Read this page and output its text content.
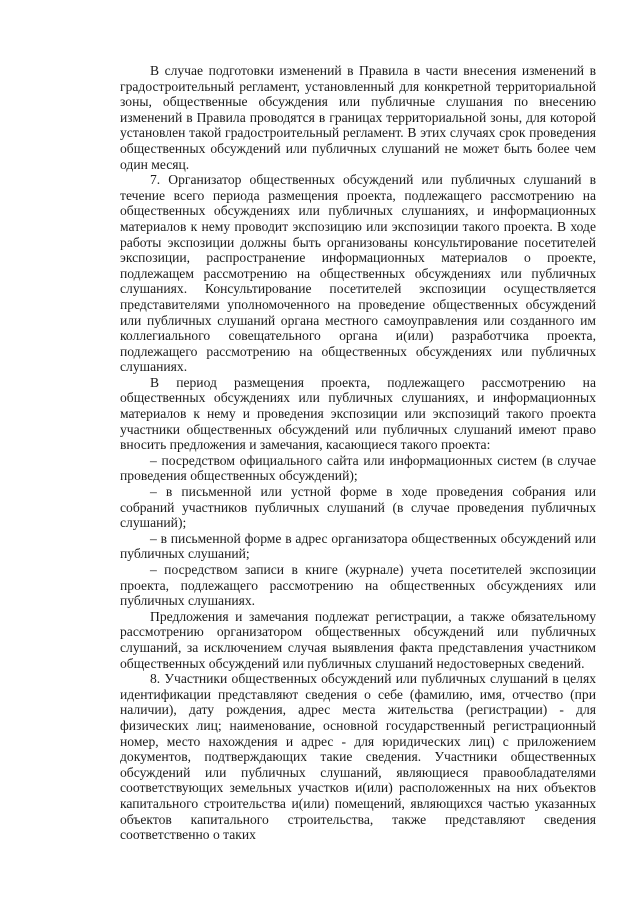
В случае подготовки изменений в Правила в части внесения изменений в градостроительный регламент, установленный для конкретной территориальной зоны, общественные обсуждения или публичные слушания по внесению изменений в Правила проводятся в границах территориальной зоны, для которой установлен такой градостроительный регламент. В этих случаях срок проведения общественных обсуждений или публичных слушаний не может быть более чем один месяц.

7. Организатор общественных обсуждений или публичных слушаний в течение всего периода размещения проекта, подлежащего рассмотрению на общественных обсуждениях или публичных слушаниях, и информационных материалов к нему проводит экспозицию или экспозиции такого проекта. В ходе работы экспозиции должны быть организованы консультирование посетителей экспозиции, распространение информационных материалов о проекте, подлежащем рассмотрению на общественных обсуждениях или публичных слушаниях. Консультирование посетителей экспозиции осуществляется представителями уполномоченного на проведение общественных обсуждений или публичных слушаний органа местного самоуправления или созданного им коллегиального совещательного органа и(или) разработчика проекта, подлежащего рассмотрению на общественных обсуждениях или публичных слушаниях.

В период размещения проекта, подлежащего рассмотрению на общественных обсуждениях или публичных слушаниях, и информационных материалов к нему и проведения экспозиции или экспозиций такого проекта участники общественных обсуждений или публичных слушаний имеют право вносить предложения и замечания, касающиеся такого проекта:

– посредством официального сайта или информационных систем (в случае проведения общественных обсуждений);

– в письменной или устной форме в ходе проведения собрания или собраний участников публичных слушаний (в случае проведения публичных слушаний);

– в письменной форме в адрес организатора общественных обсуждений или публичных слушаний;

– посредством записи в книге (журнале) учета посетителей экспозиции проекта, подлежащего рассмотрению на общественных обсуждениях или публичных слушаниях.

Предложения и замечания подлежат регистрации, а также обязательному рассмотрению организатором общественных обсуждений или публичных слушаний, за исключением случая выявления факта представления участником общественных обсуждений или публичных слушаний недостоверных сведений.

8. Участники общественных обсуждений или публичных слушаний в целях идентификации представляют сведения о себе (фамилию, имя, отчество (при наличии), дату рождения, адрес места жительства (регистрации) - для физических лиц; наименование, основной государственный регистрационный номер, место нахождения и адрес - для юридических лиц) с приложением документов, подтверждающих такие сведения. Участники общественных обсуждений или публичных слушаний, являющиеся правообладателями соответствующих земельных участков и(или) расположенных на них объектов капитального строительства и(или) помещений, являющихся частью указанных объектов капитального строительства, также представляют сведения соответственно о таких
